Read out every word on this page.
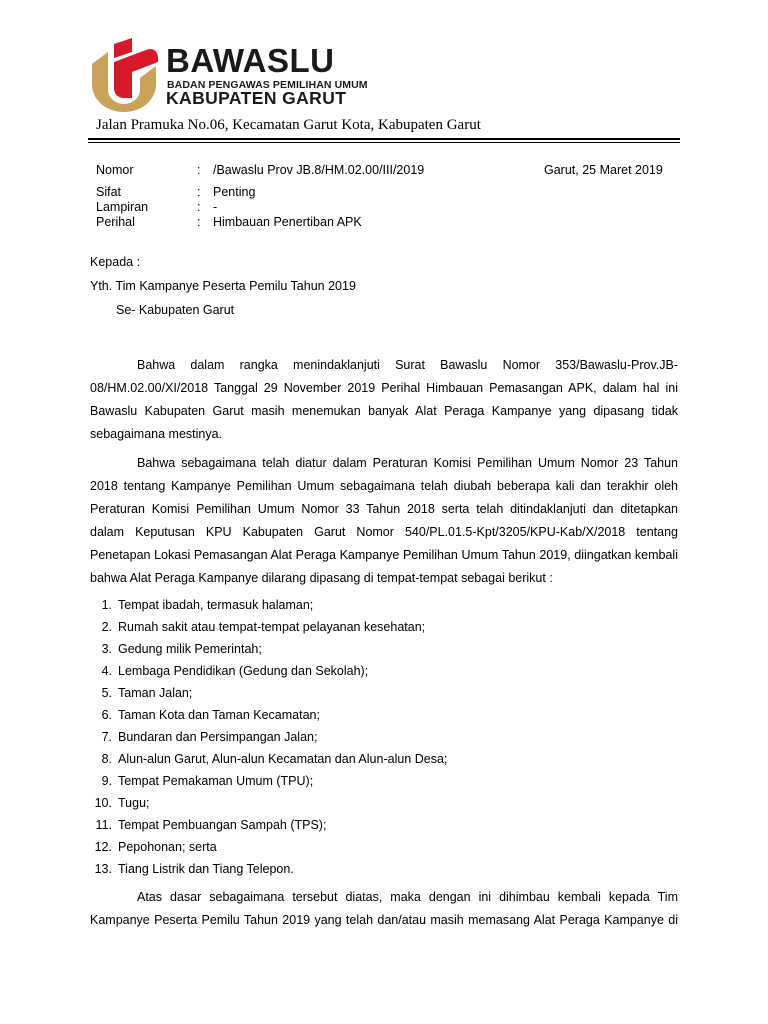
BAWASLU
BADAN PENGAWAS PEMILIHAN UMUM
KABUPATEN GARUT
Jalan Pramuka No.06, Kecamatan Garut Kota, Kabupaten Garut
Nomor	: /Bawaslu Prov JB.8/HM.02.00/III/2019	Garut, 25 Maret 2019
Sifat	: Penting
Lampiran	: -
Perihal	: Himbauan Penertiban APK
Kepada :
Yth. Tim Kampanye Peserta Pemilu Tahun 2019
Se- Kabupaten Garut
Bahwa dalam rangka menindaklanjuti Surat Bawaslu Nomor 353/Bawaslu-Prov.JB-
08/HM.02.00/XI/2018 Tanggal 29 November 2019 Perihal Himbauan Pemasangan APK, dalam hal ini
Bawaslu Kabupaten Garut masih menemukan banyak Alat Peraga Kampanye yang dipasang tidak
sebagaimana mestinya.
Bahwa sebagaimana telah diatur dalam Peraturan Komisi Pemilihan Umum Nomor 23 Tahun
2018 tentang Kampanye Pemilihan Umum sebagaimana telah diubah beberapa kali dan terakhir oleh
Peraturan Komisi Pemilihan Umum Nomor 33 Tahun 2018 serta telah ditindaklanjuti dan ditetapkan
dalam Keputusan KPU Kabupaten Garut Nomor 540/PL.01.5-Kpt/3205/KPU-Kab/X/2018 tentang
Penetapan Lokasi Pemasangan Alat Peraga Kampanye Pemilihan Umum Tahun 2019, diingatkan kembali
bahwa Alat Peraga Kampanye dilarang dipasang di tempat-tempat sebagai berikut :
1. Tempat ibadah, termasuk halaman;
2. Rumah sakit atau tempat-tempat pelayanan kesehatan;
3. Gedung milik Pemerintah;
4. Lembaga Pendidikan (Gedung dan Sekolah);
5. Taman Jalan;
6. Taman Kota dan Taman Kecamatan;
7. Bundaran dan Persimpangan Jalan;
8. Alun-alun Garut, Alun-alun Kecamatan dan Alun-alun Desa;
9. Tempat Pemakaman Umum (TPU);
10. Tugu;
11. Tempat Pembuangan Sampah (TPS);
12. Pepohonan; serta
13. Tiang Listrik dan Tiang Telepon.
Atas dasar sebagaimana tersebut diatas, maka dengan ini dihimbau kembali kepada Tim
Kampanye Peserta Pemilu Tahun 2019 yang telah dan/atau masih memasang Alat Peraga Kampanye di
